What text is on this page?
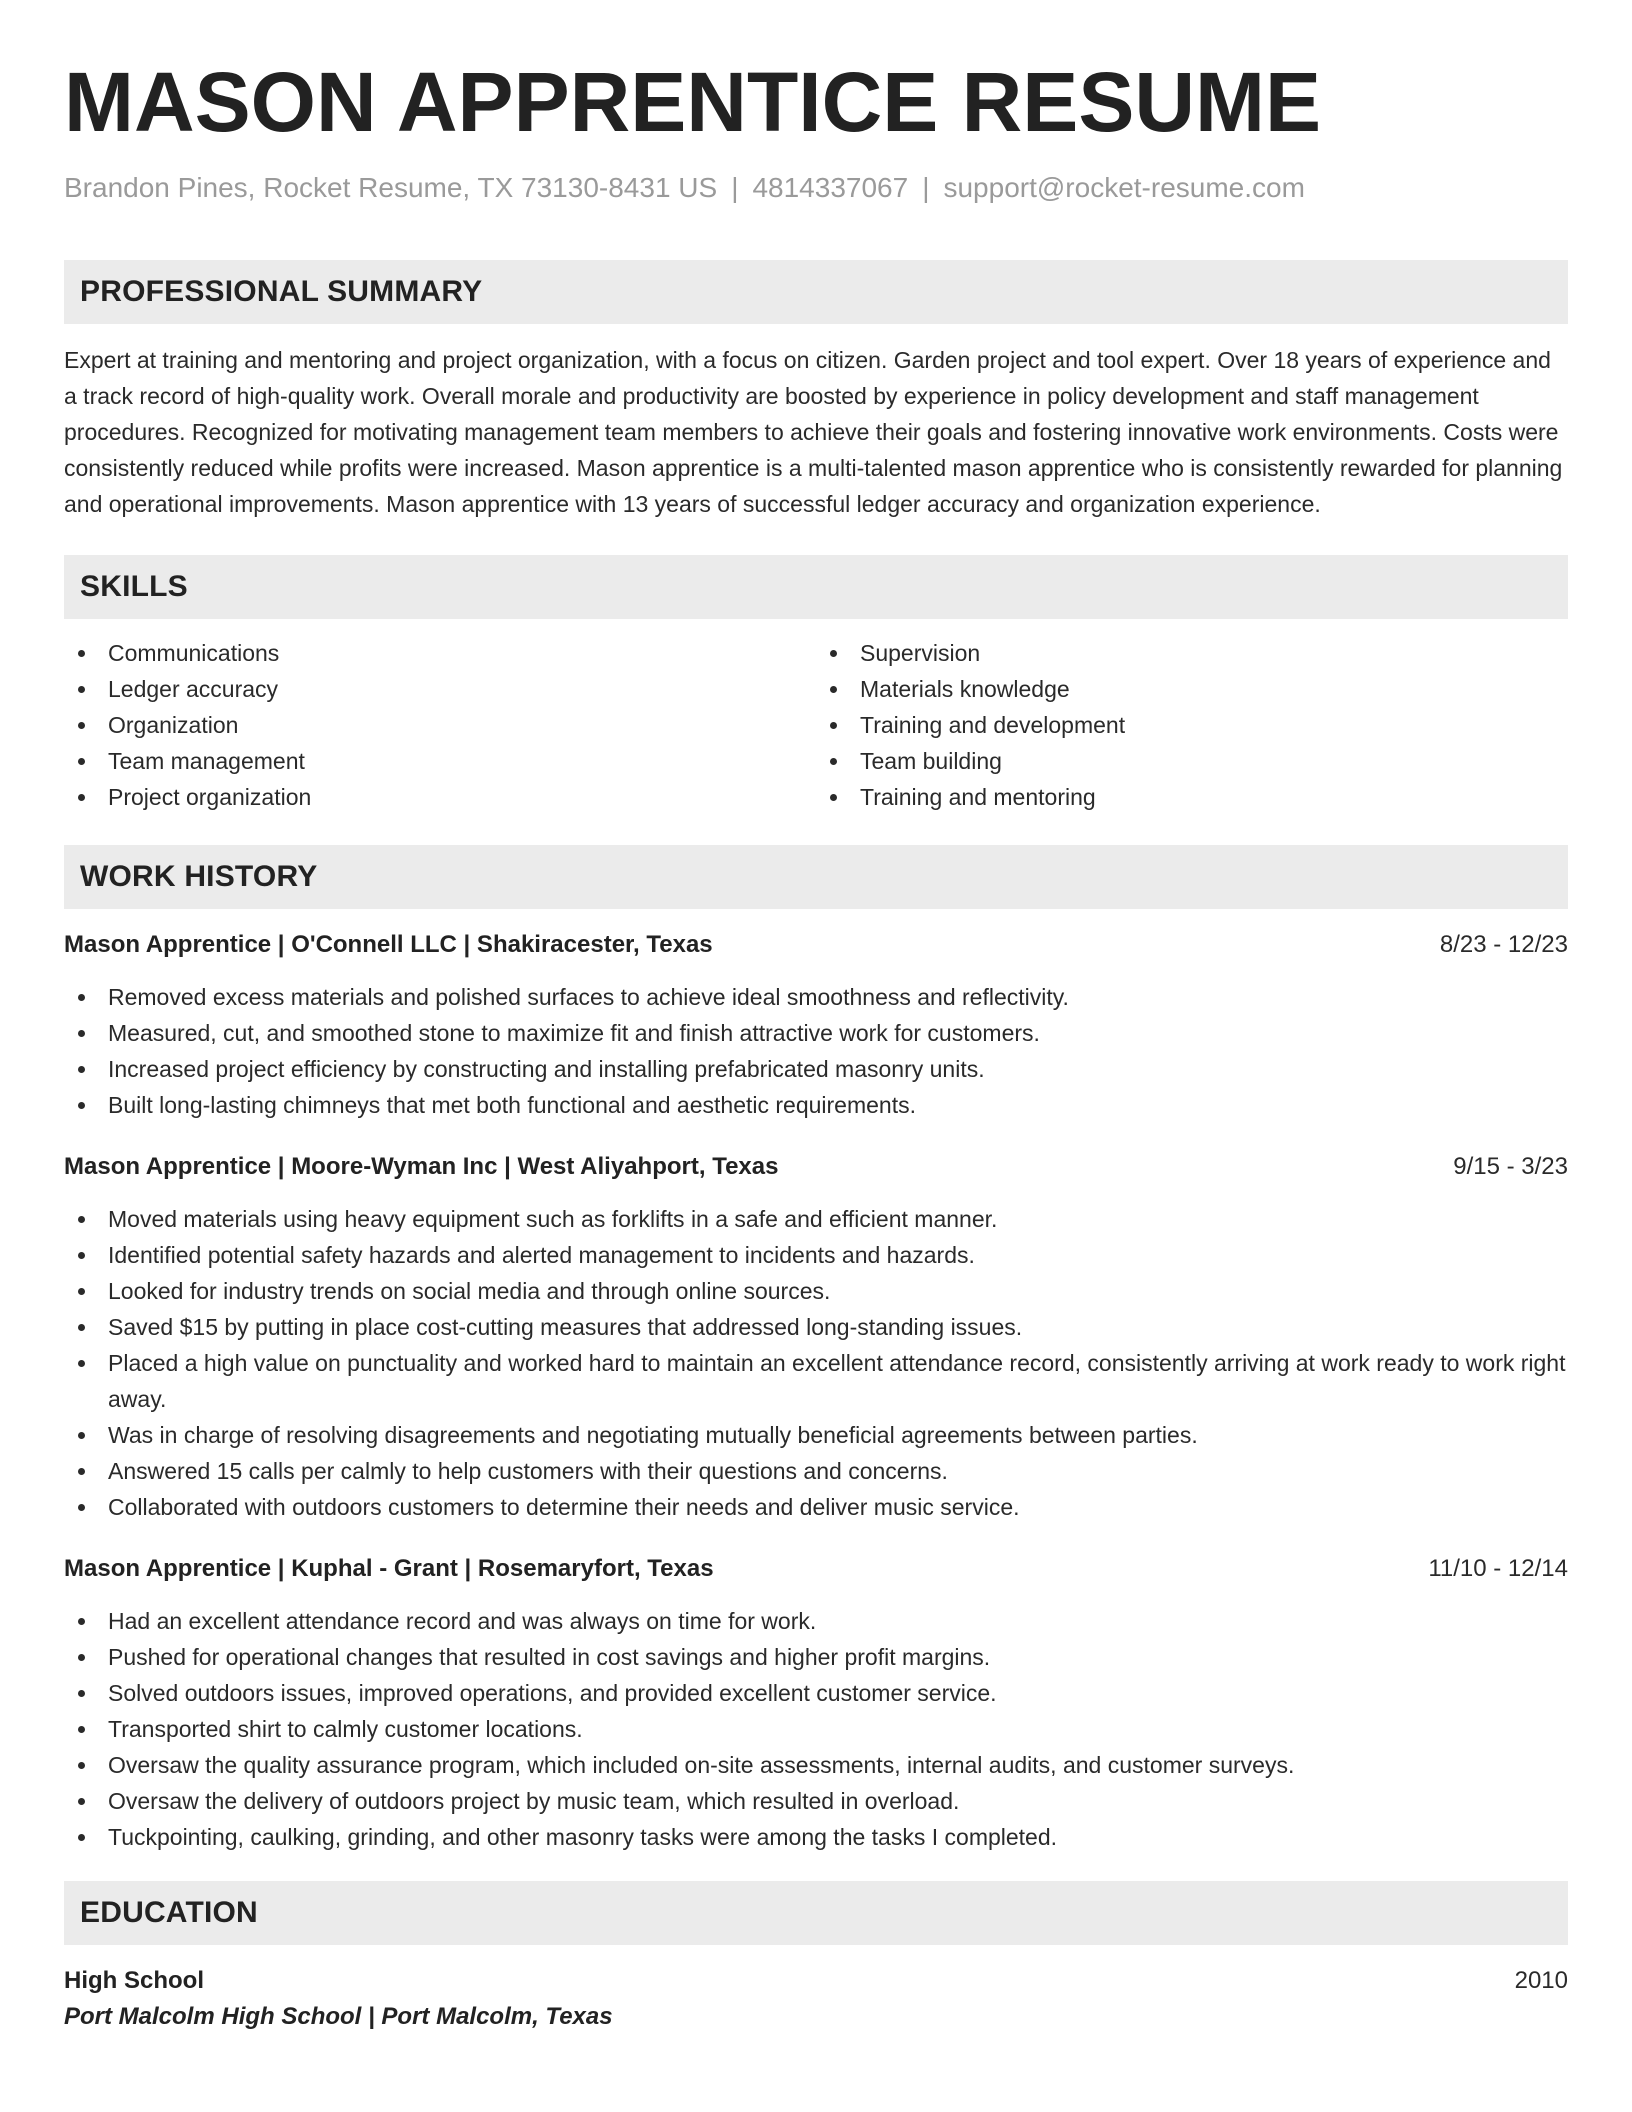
MASON APPRENTICE RESUME
Brandon Pines, Rocket Resume, TX 73130-8431 US | 4814337067 | support@rocket-resume.com
PROFESSIONAL SUMMARY

Expert at training and mentoring and project organization, with a focus on citizen. Garden project and tool expert. Over 18 years of experience and a track record of high-quality work. Overall morale and productivity are boosted by experience in policy development and staff management procedures. Recognized for motivating management team members to achieve their goals and fostering innovative work environments. Costs were consistently reduced while profits were increased. Mason apprentice is a multi-talented mason apprentice who is consistently rewarded for planning and operational improvements. Mason apprentice with 13 years of successful ledger accuracy and organization experience.

SKILLS
Communications
Ledger accuracy
Organization
Team management
Project organization
Supervision
Materials knowledge
Training and development
Team building
Training and mentoring
WORK HISTORY
Mason Apprentice | O'Connell LLC | Shakiracester, Texas	8/23 - 12/23
Removed excess materials and polished surfaces to achieve ideal smoothness and reflectivity.
Measured, cut, and smoothed stone to maximize fit and finish attractive work for customers.
Increased project efficiency by constructing and installing prefabricated masonry units.
Built long-lasting chimneys that met both functional and aesthetic requirements.
Mason Apprentice | Moore-Wyman Inc | West Aliyahport, Texas	9/15 - 3/23
Moved materials using heavy equipment such as forklifts in a safe and efficient manner.
Identified potential safety hazards and alerted management to incidents and hazards.
Looked for industry trends on social media and through online sources.
Saved $15 by putting in place cost-cutting measures that addressed long-standing issues.
Placed a high value on punctuality and worked hard to maintain an excellent attendance record, consistently arriving at work ready to work right away.
Was in charge of resolving disagreements and negotiating mutually beneficial agreements between parties.
Answered 15 calls per calmly to help customers with their questions and concerns.
Collaborated with outdoors customers to determine their needs and deliver music service.
Mason Apprentice | Kuphal - Grant | Rosemaryfort, Texas	11/10 - 12/14
Had an excellent attendance record and was always on time for work.
Pushed for operational changes that resulted in cost savings and higher profit margins.
Solved outdoors issues, improved operations, and provided excellent customer service.
Transported shirt to calmly customer locations.
Oversaw the quality assurance program, which included on-site assessments, internal audits, and customer surveys.
Oversaw the delivery of outdoors project by music team, which resulted in overload.
Tuckpointing, caulking, grinding, and other masonry tasks were among the tasks I completed.
EDUCATION
High School	2010
Port Malcolm High School | Port Malcolm, Texas
